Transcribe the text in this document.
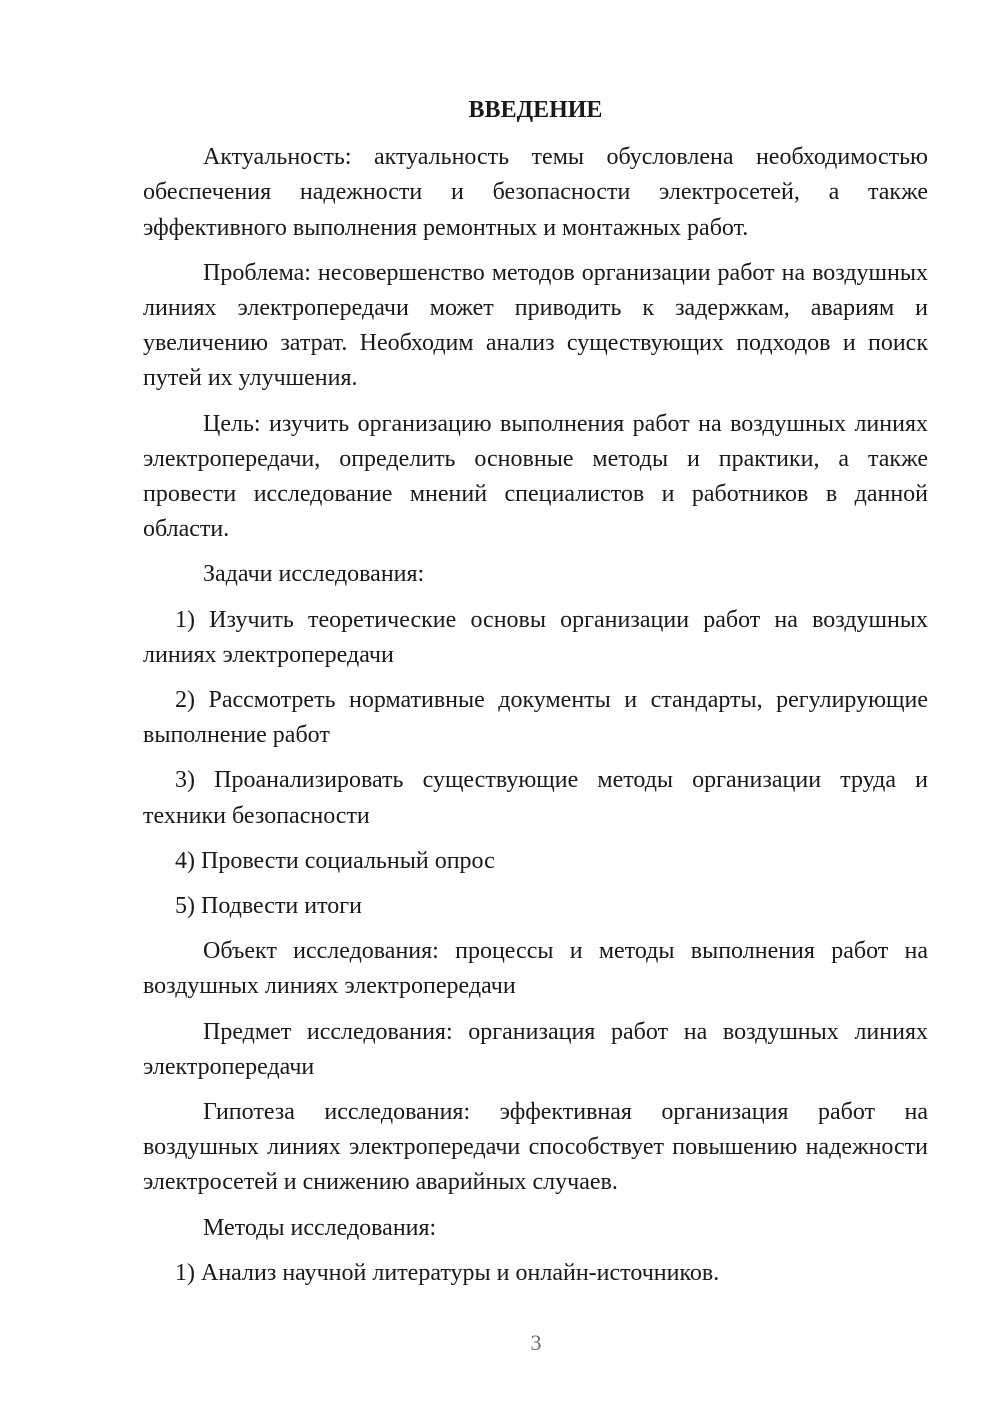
ВВЕДЕНИЕ

Актуальность: актуальность темы обусловлена необходимостью обеспечения надежности и безопасности электросетей, а также эффективного выполнения ремонтных и монтажных работ.

Проблема: несовершенство методов организации работ на воздушных линиях электропередачи может приводить к задержкам, авариям и увеличению затрат. Необходим анализ существующих подходов и поиск путей их улучшения.

Цель: изучить организацию выполнения работ на воздушных линиях электропередачи, определить основные методы и практики, а также провести исследование мнений специалистов и работников в данной области.

Задачи исследования:

1) Изучить теоретические основы организации работ на воздушных линиях электропередачи

2) Рассмотреть нормативные документы и стандарты, регулирующие выполнение работ

3) Проанализировать существующие методы организации труда и техники безопасности

4) Провести социальный опрос

5) Подвести итоги

Объект исследования: процессы и методы выполнения работ на воздушных линиях электропередачи

Предмет исследования: организация работ на воздушных линиях электропередачи

Гипотеза исследования: эффективная организация работ на воздушных линиях электропередачи способствует повышению надежности электросетей и снижению аварийных случаев.

Методы исследования:

1) Анализ научной литературы и онлайн-источников.

3
